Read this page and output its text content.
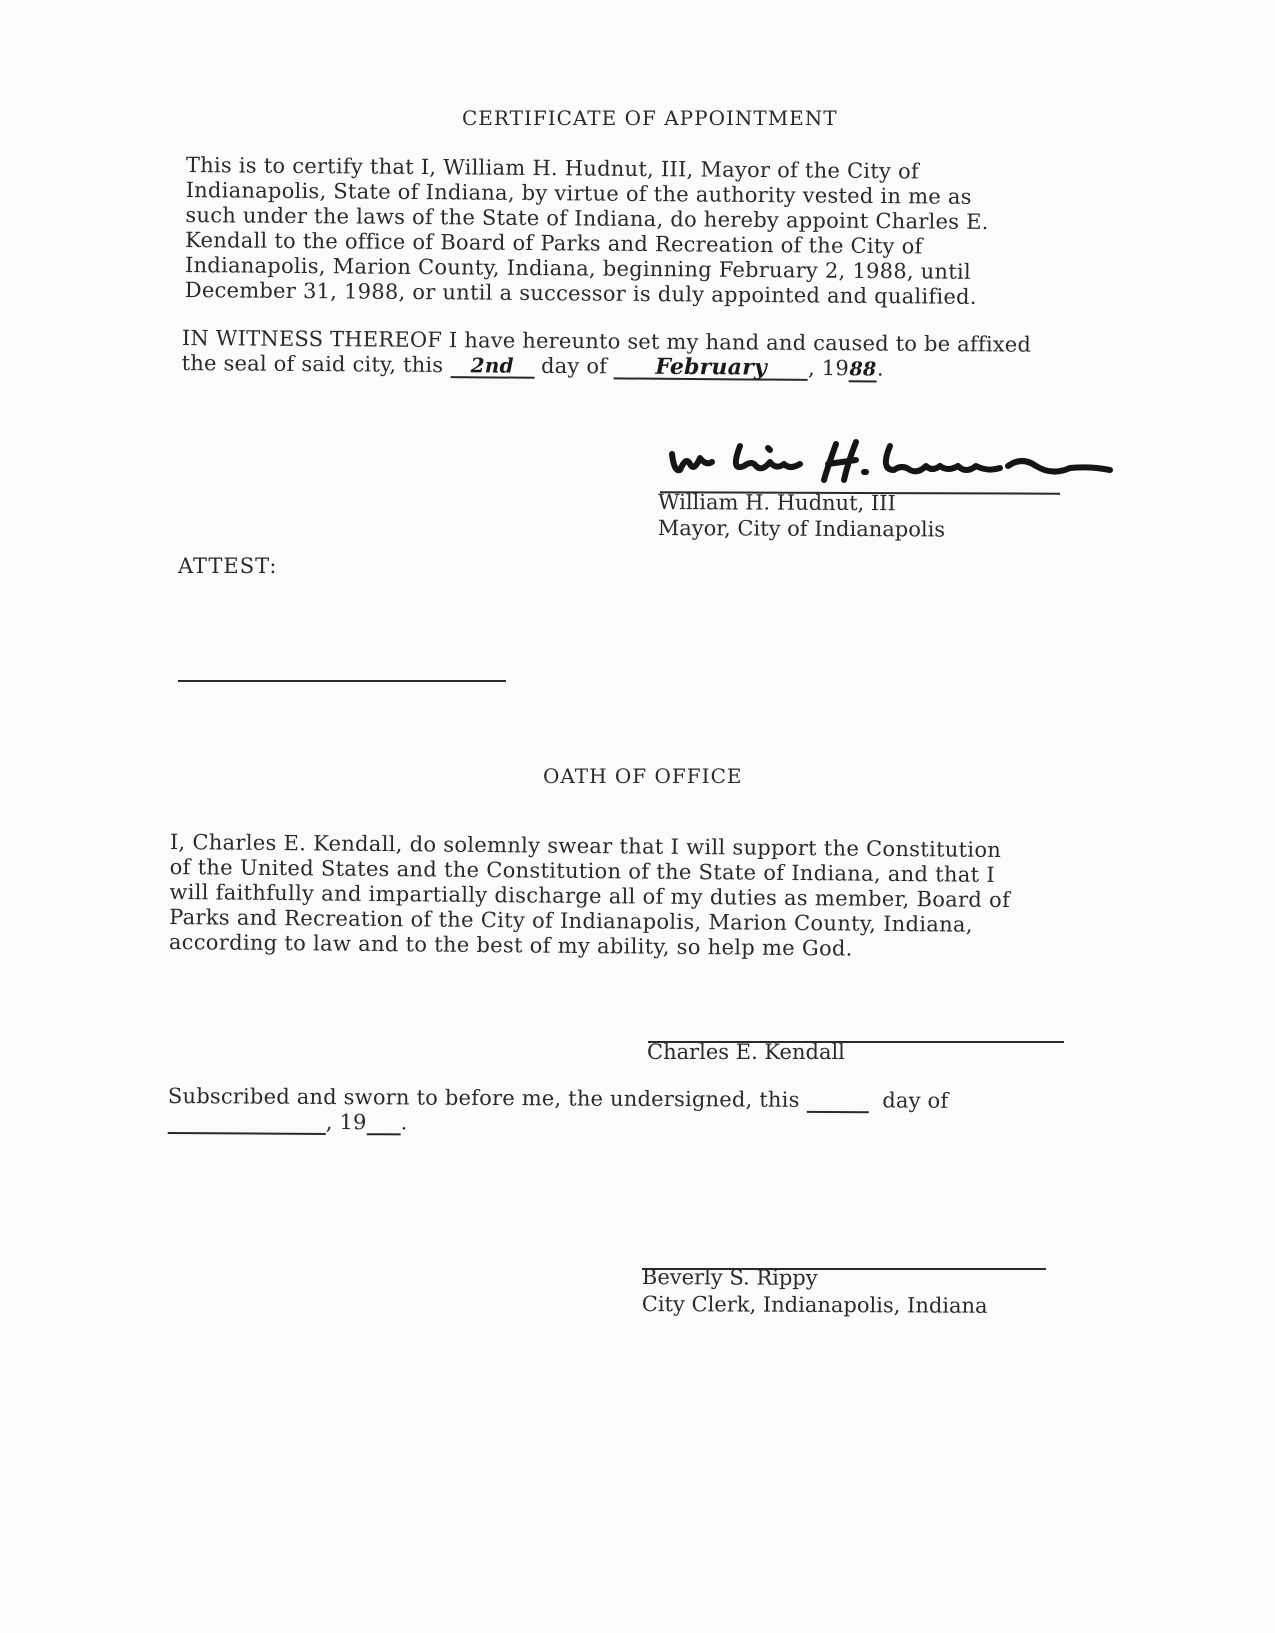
CERTIFICATE OF APPOINTMENT
This is to certify that I, William H. Hudnut, III, Mayor of the City of
Indianapolis, State of Indiana, by virtue of the authority vested in me as
such under the laws of the State of Indiana, do hereby appoint Charles E.
Kendall to the office of Board of Parks and Recreation of the City of
Indianapolis, Marion County, Indiana, beginning February 2, 1988, until
December 31, 1988, or until a successor is duly appointed and qualified.
IN WITNESS THEREOF I have hereunto set my hand and caused to be affixed
the seal of said city, this 2nd day of February , 1988.
William H. Hudnut, III
Mayor, City of Indianapolis
ATTEST:
OATH OF OFFICE
I, Charles E. Kendall, do solemnly swear that I will support the Constitution
of the United States and the Constitution of the State of Indiana, and that I
will faithfully and impartially discharge all of my duties as member, Board of
Parks and Recreation of the City of Indianapolis, Marion County, Indiana,
according to law and to the best of my ability, so help me God.
Charles E. Kendall
Subscribed and sworn to before me, the undersigned, this	day of
, 19 .
Beverly S. Rippy
City Clerk, Indianapolis, Indiana
